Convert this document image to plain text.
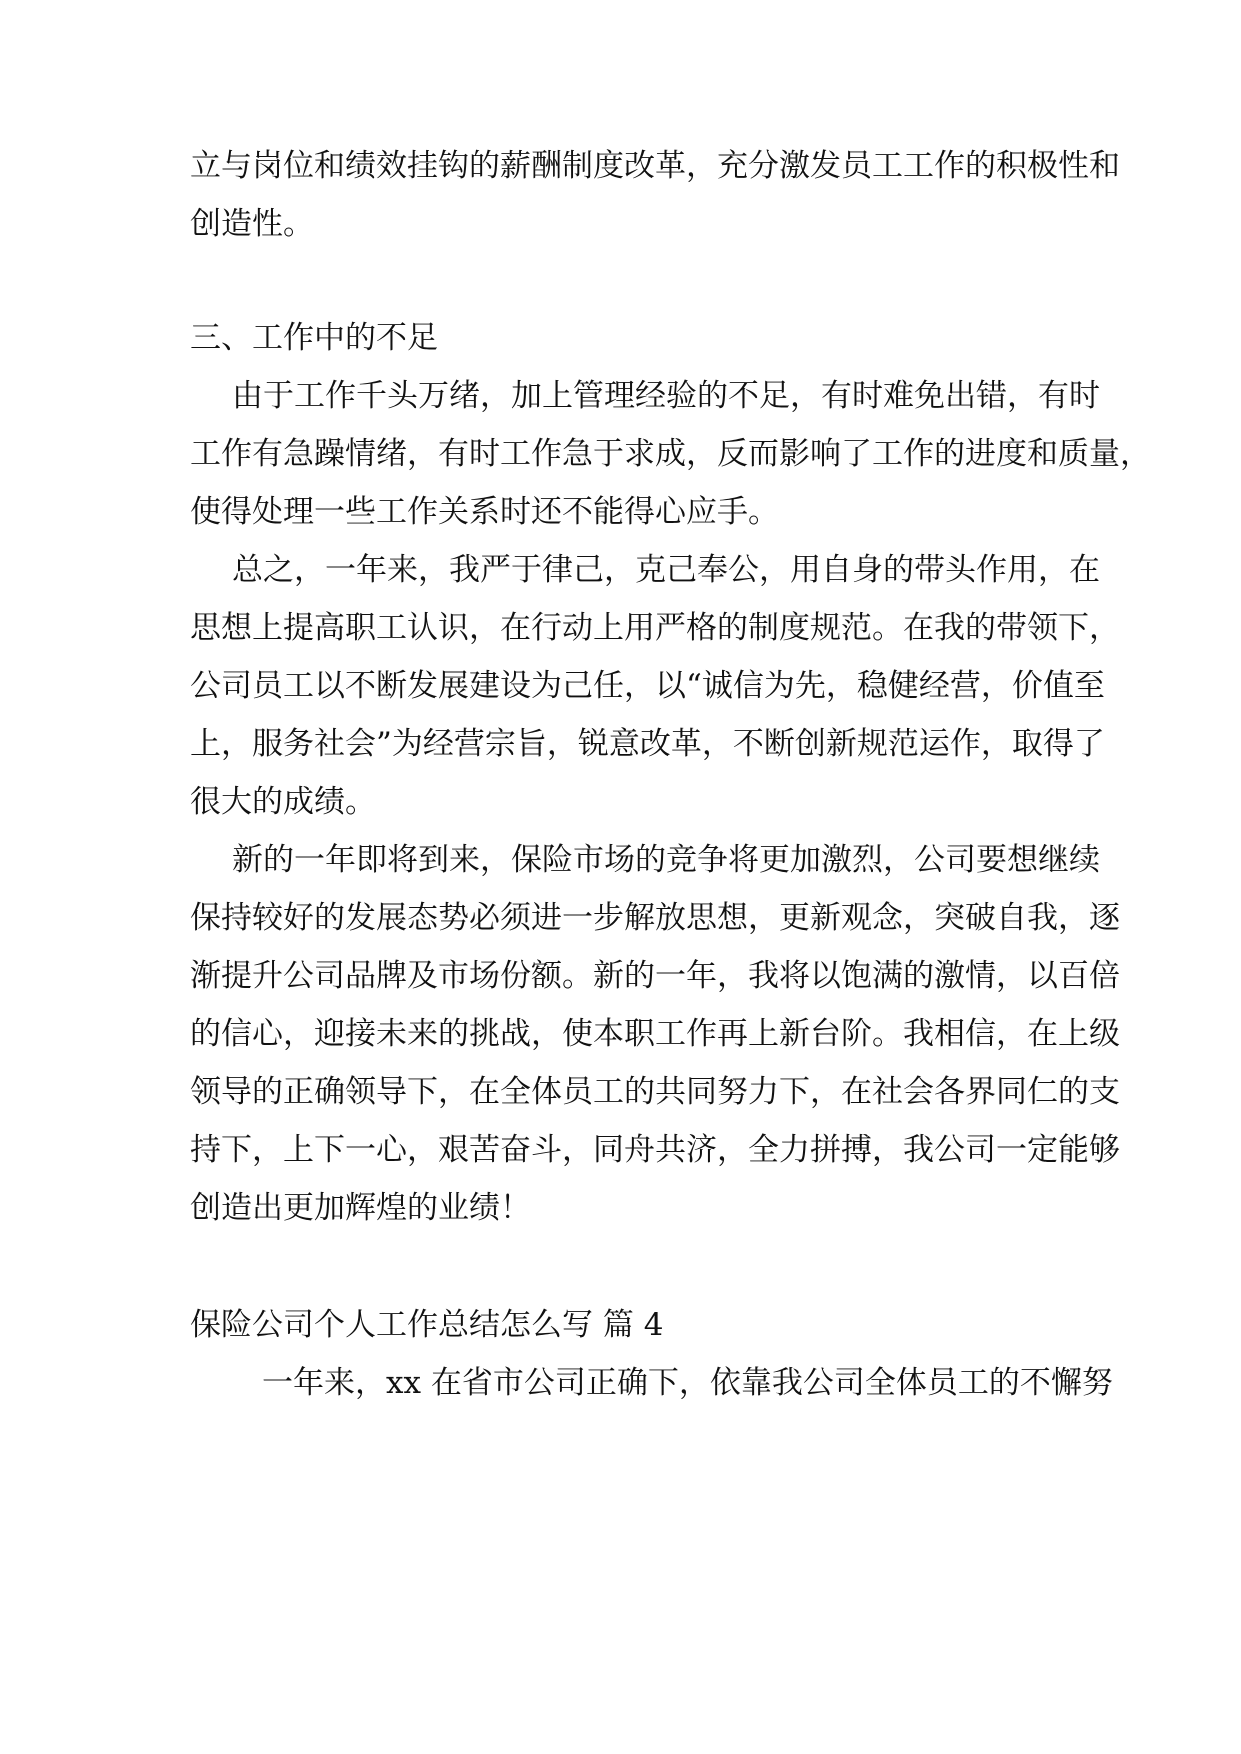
立与岗位和绩效挂钩的薪酬制度改革，充分激发员工工作的积极性和
创造性。
三、工作中的不足
由于工作千头万绪，加上管理经验的不足，有时难免出错，有时
工作有急躁情绪，有时工作急于求成，反而影响了工作的进度和质量，
使得处理一些工作关系时还不能得心应手。
总之，一年来，我严于律己，克己奉公，用自身的带头作用，在
思想上提高职工认识，在行动上用严格的制度规范。在我的带领下，
公司员工以不断发展建设为己任，以“诚信为先，稳健经营，价值至
上，服务社会”为经营宗旨，锐意改革，不断创新规范运作，取得了
很大的成绩。
新的一年即将到来，保险市场的竞争将更加激烈，公司要想继续
保持较好的发展态势必须进一步解放思想，更新观念，突破自我，逐
渐提升公司品牌及市场份额。新的一年，我将以饱满的激情，以百倍
的信心，迎接未来的挑战，使本职工作再上新台阶。我相信，在上级
领导的正确领导下，在全体员工的共同努力下，在社会各界同仁的支
持下，上下一心，艰苦奋斗，同舟共济，全力拼搏，我公司一定能够
创造出更加辉煌的业绩！
保险公司个人工作总结怎么写 篇 4
一年来，xx 在省市公司正确下，依靠我公司全体员工的不懈努
